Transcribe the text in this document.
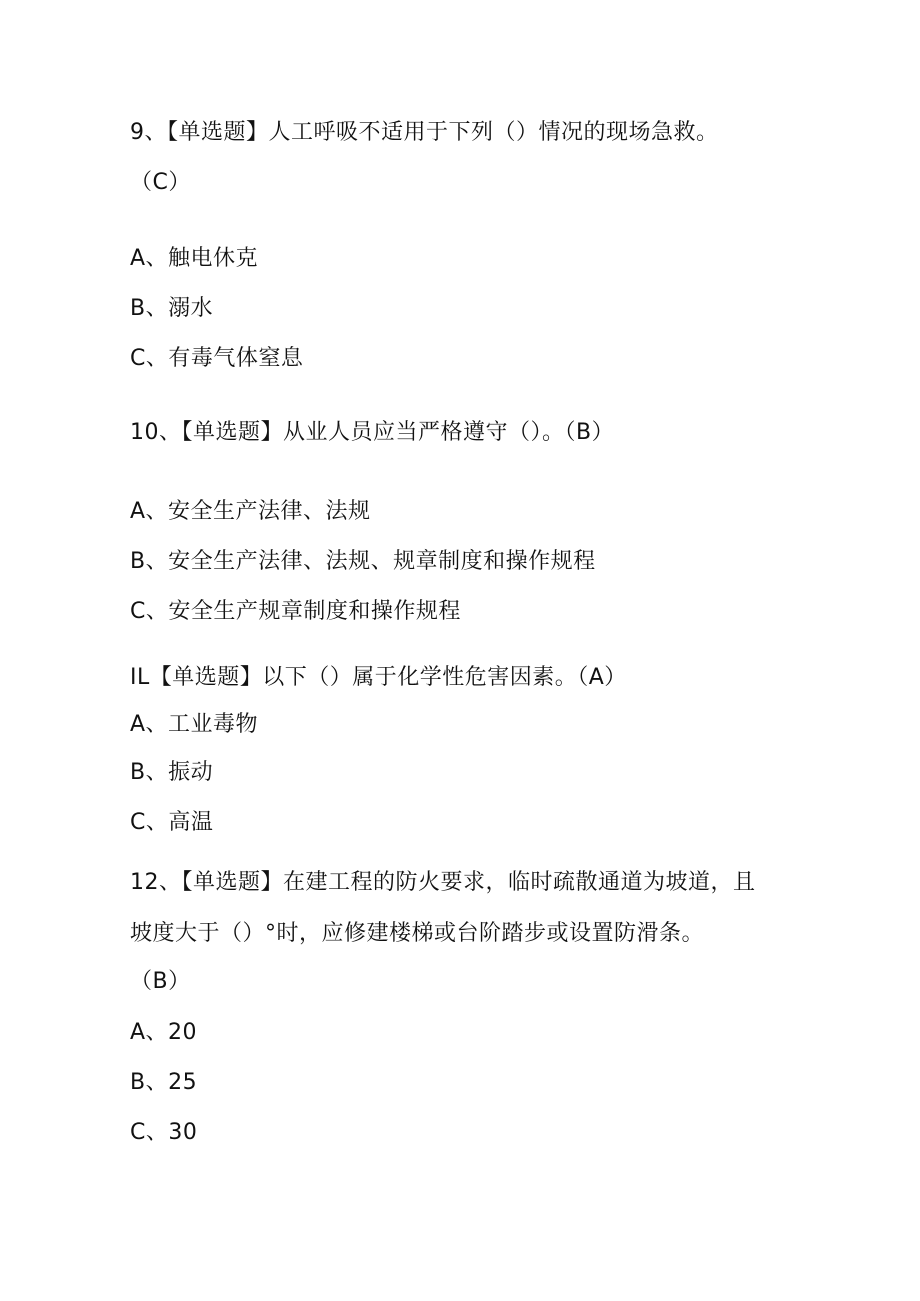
9、【单选题】人工呼吸不适用于下列（）情况的现场急救。
（C）
A、触电休克
B、溺水
C、有毒气体窒息
10、【单选题】从业人员应当严格遵守（）。（B）
A、安全生产法律、法规
B、安全生产法律、法规、规章制度和操作规程
C、安全生产规章制度和操作规程
IL【单选题】以下（）属于化学性危害因素。（A）
A、工业毒物
B、振动
C、高温
12、【单选题】在建工程的防火要求，临时疏散通道为坡道，且
坡度大于（）°时，应修建楼梯或台阶踏步或设置防滑条。
（B）
A、20
B、25
C、30
